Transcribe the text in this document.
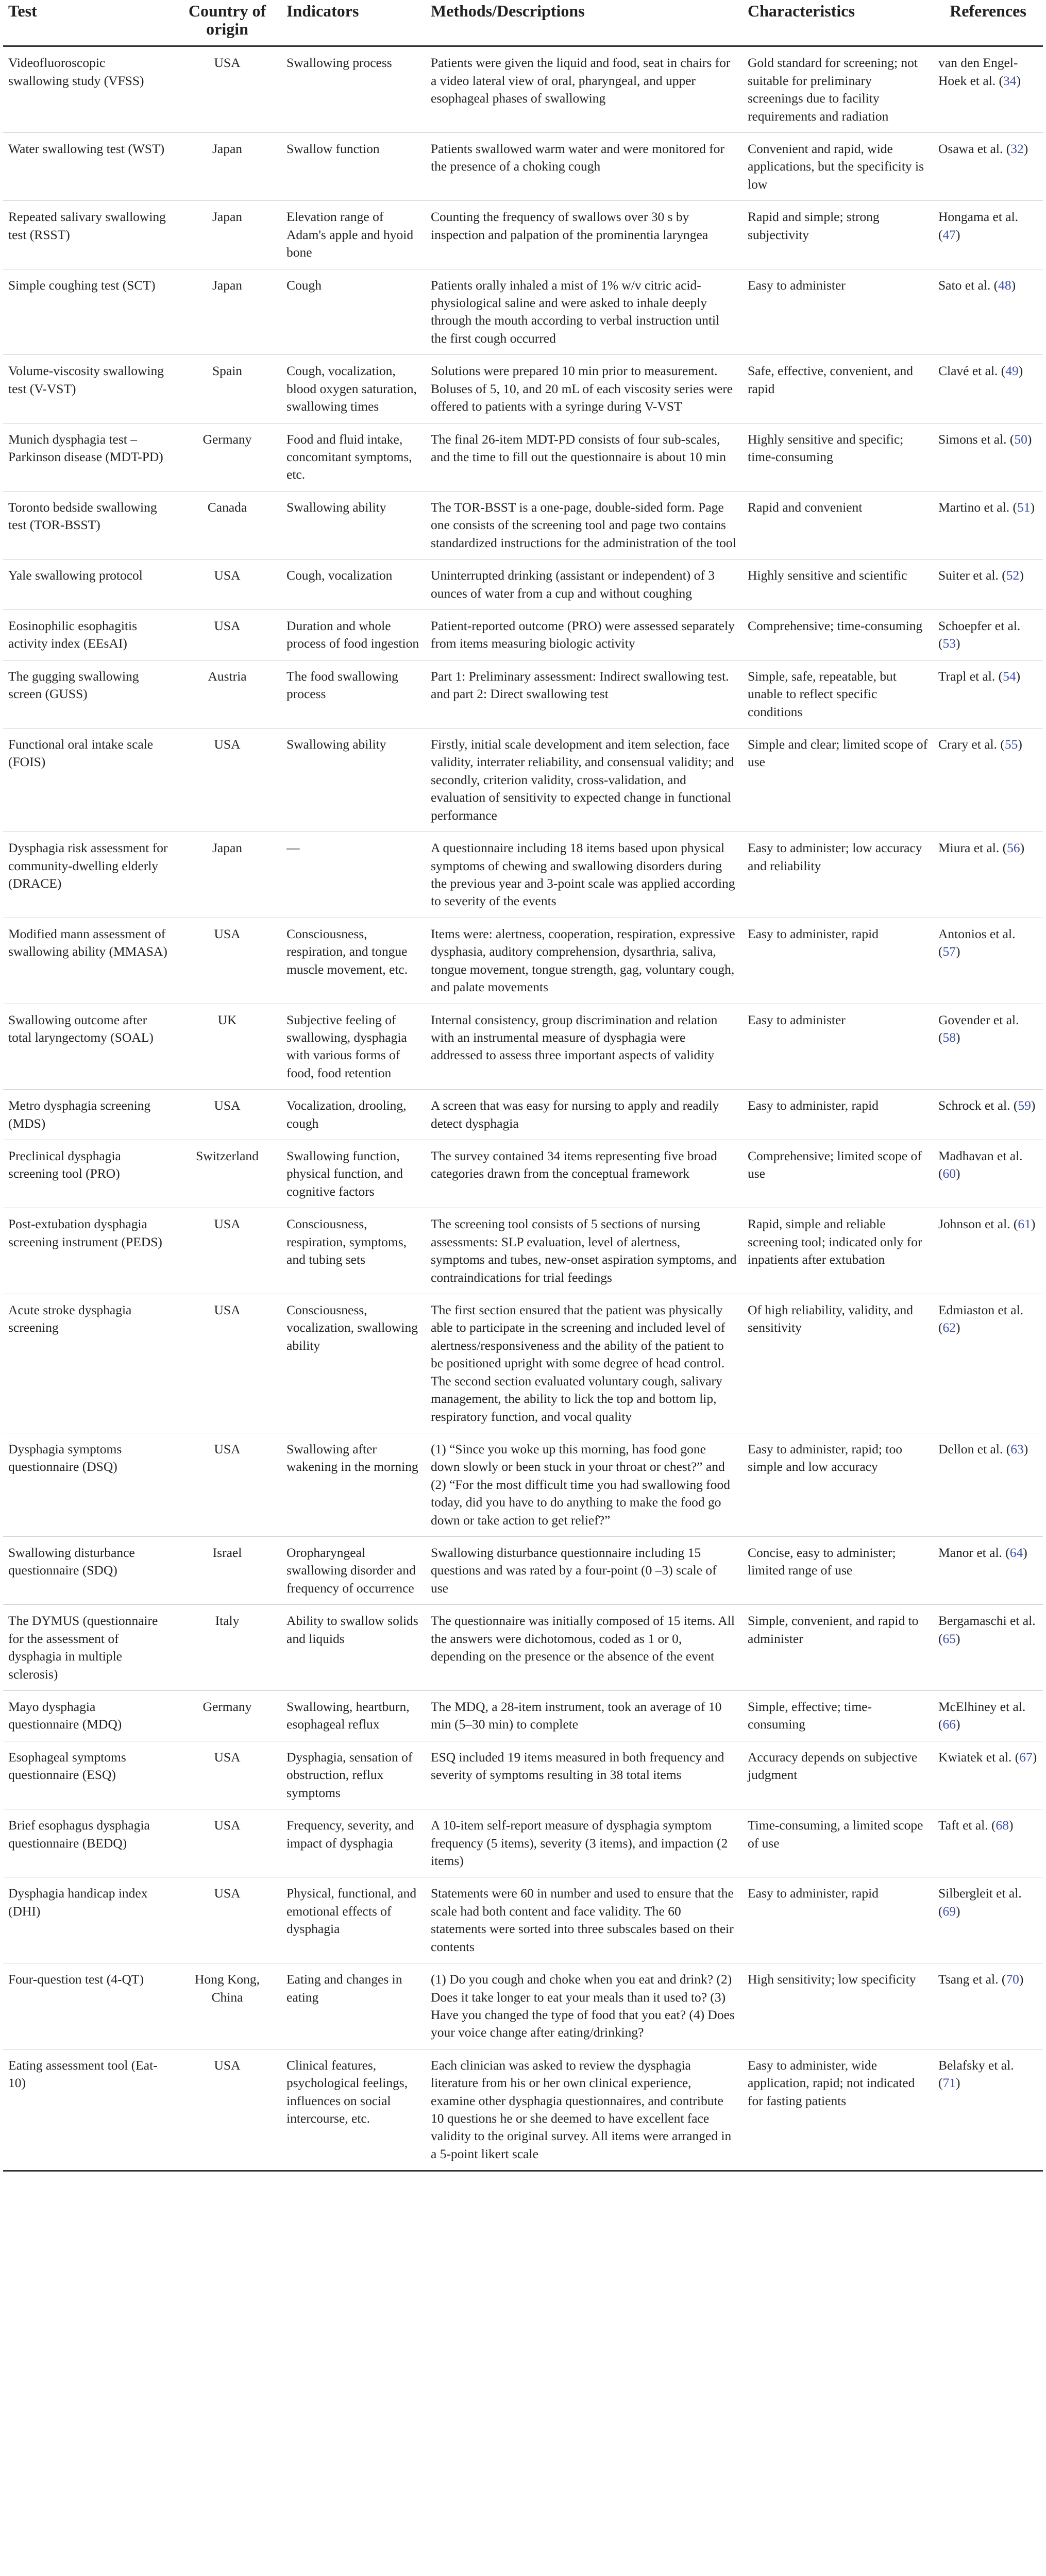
Test	Country of origin	Indicators	Methods/Descriptions	Characteristics	References
Videofluoroscopic swallowing study (VFSS)	USA	Swallowing process	Patients were given the liquid and food, seat in chairs for a video lateral view of oral, pharyngeal, and upper esophageal phases of swallowing	Gold standard for screening; not suitable for preliminary screenings due to facility requirements and radiation	van den Engel-Hoek et al. (34)
Water swallowing test (WST)	Japan	Swallow function	Patients swallowed warm water and were monitored for the presence of a choking cough	Convenient and rapid, wide applications, but the specificity is low	Osawa et al. (32)
Repeated salivary swallowing test (RSST)	Japan	Elevation range of Adam's apple and hyoid bone	Counting the frequency of swallows over 30 s by inspection and palpation of the prominentia laryngea	Rapid and simple; strong subjectivity	Hongama et al. (47)
Simple coughing test (SCT)	Japan	Cough	Patients orally inhaled a mist of 1% w/v citric acid-physiological saline and were asked to inhale deeply through the mouth according to verbal instruction until the first cough occurred	Easy to administer	Sato et al. (48)
Volume-viscosity swallowing test (V-VST)	Spain	Cough, vocalization, blood oxygen saturation, swallowing times	Solutions were prepared 10 min prior to measurement. Boluses of 5, 10, and 20 mL of each viscosity series were offered to patients with a syringe during V-VST	Safe, effective, convenient, and rapid	Clavé et al. (49)
Munich dysphagia test – Parkinson disease (MDT-PD)	Germany	Food and fluid intake, concomitant symptoms, etc.	The final 26-item MDT-PD consists of four sub-scales, and the time to fill out the questionnaire is about 10 min	Highly sensitive and specific; time-consuming	Simons et al. (50)
Toronto bedside swallowing test (TOR-BSST)	Canada	Swallowing ability	The TOR-BSST is a one-page, double-sided form. Page one consists of the screening tool and page two contains standardized instructions for the administration of the tool	Rapid and convenient	Martino et al. (51)
Yale swallowing protocol	USA	Cough, vocalization	Uninterrupted drinking (assistant or independent) of 3 ounces of water from a cup and without coughing	Highly sensitive and scientific	Suiter et al. (52)
Eosinophilic esophagitis activity index (EEsAI)	USA	Duration and whole process of food ingestion	Patient-reported outcome (PRO) were assessed separately from items measuring biologic activity	Comprehensive; time-consuming	Schoepfer et al. (53)
The gugging swallowing screen (GUSS)	Austria	The food swallowing process	Part 1: Preliminary assessment: Indirect swallowing test. and part 2: Direct swallowing test	Simple, safe, repeatable, but unable to reflect specific conditions	Trapl et al. (54)
Functional oral intake scale (FOIS)	USA	Swallowing ability	Firstly, initial scale development and item selection, face validity, interrater reliability, and consensual validity; and secondly, criterion validity, cross-validation, and evaluation of sensitivity to expected change in functional performance	Simple and clear; limited scope of use	Crary et al. (55)
Dysphagia risk assessment for community-dwelling elderly (DRACE)	Japan	—	A questionnaire including 18 items based upon physical symptoms of chewing and swallowing disorders during the previous year and 3-point scale was applied according to severity of the events	Easy to administer; low accuracy and reliability	Miura et al. (56)
Modified mann assessment of swallowing ability (MMASA)	USA	Consciousness, respiration, and tongue muscle movement, etc.	Items were: alertness, cooperation, respiration, expressive dysphasia, auditory comprehension, dysarthria, saliva, tongue movement, tongue strength, gag, voluntary cough, and palate movements	Easy to administer, rapid	Antonios et al. (57)
Swallowing outcome after total laryngectomy (SOAL)	UK	Subjective feeling of swallowing, dysphagia with various forms of food, food retention	Internal consistency, group discrimination and relation with an instrumental measure of dysphagia were addressed to assess three important aspects of validity	Easy to administer	Govender et al. (58)
Metro dysphagia screening (MDS)	USA	Vocalization, drooling, cough	A screen that was easy for nursing to apply and readily detect dysphagia	Easy to administer, rapid	Schrock et al. (59)
Preclinical dysphagia screening tool (PRO)	Switzerland	Swallowing function, physical function, and cognitive factors	The survey contained 34 items representing five broad categories drawn from the conceptual framework	Comprehensive; limited scope of use	Madhavan et al. (60)
Post-extubation dysphagia screening instrument (PEDS)	USA	Consciousness, respiration, symptoms, and tubing sets	The screening tool consists of 5 sections of nursing assessments: SLP evaluation, level of alertness, symptoms and tubes, new-onset aspiration symptoms, and contraindications for trial feedings	Rapid, simple and reliable screening tool; indicated only for inpatients after extubation	Johnson et al. (61)
Acute stroke dysphagia screening	USA	Consciousness, vocalization, swallowing ability	The first section ensured that the patient was physically able to participate in the screening and included level of alertness/responsiveness and the ability of the patient to be positioned upright with some degree of head control. The second section evaluated voluntary cough, salivary management, the ability to lick the top and bottom lip, respiratory function, and vocal quality	Of high reliability, validity, and sensitivity	Edmiaston et al. (62)
Dysphagia symptoms questionnaire (DSQ)	USA	Swallowing after wakening in the morning	(1) “Since you woke up this morning, has food gone down slowly or been stuck in your throat or chest?” and (2) “For the most difficult time you had swallowing food today, did you have to do anything to make the food go down or take action to get relief?”	Easy to administer, rapid; too simple and low accuracy	Dellon et al. (63)
Swallowing disturbance questionnaire (SDQ)	Israel	Oropharyngeal swallowing disorder and frequency of occurrence	Swallowing disturbance questionnaire including 15 questions and was rated by a four-point (0 –3) scale of use	Concise, easy to administer; limited range of use	Manor et al. (64)
The DYMUS (questionnaire for the assessment of dysphagia in multiple sclerosis)	Italy	Ability to swallow solids and liquids	The questionnaire was initially composed of 15 items. All the answers were dichotomous, coded as 1 or 0, depending on the presence or the absence of the event	Simple, convenient, and rapid to administer	Bergamaschi et al. (65)
Mayo dysphagia questionnaire (MDQ)	Germany	Swallowing, heartburn, esophageal reflux	The MDQ, a 28-item instrument, took an average of 10 min (5–30 min) to complete	Simple, effective; time-consuming	McElhiney et al. (66)
Esophageal symptoms questionnaire (ESQ)	USA	Dysphagia, sensation of obstruction, reflux symptoms	ESQ included 19 items measured in both frequency and severity of symptoms resulting in 38 total items	Accuracy depends on subjective judgment	Kwiatek et al. (67)
Brief esophagus dysphagia questionnaire (BEDQ)	USA	Frequency, severity, and impact of dysphagia	A 10-item self-report measure of dysphagia symptom frequency (5 items), severity (3 items), and impaction (2 items)	Time-consuming, a limited scope of use	Taft et al. (68)
Dysphagia handicap index (DHI)	USA	Physical, functional, and emotional effects of dysphagia	Statements were 60 in number and used to ensure that the scale had both content and face validity. The 60 statements were sorted into three subscales based on their contents	Easy to administer, rapid	Silbergleit et al. (69)
Four-question test (4-QT)	Hong Kong, China	Eating and changes in eating	(1) Do you cough and choke when you eat and drink? (2) Does it take longer to eat your meals than it used to? (3) Have you changed the type of food that you eat? (4) Does your voice change after eating/drinking?	High sensitivity; low specificity	Tsang et al. (70)
Eating assessment tool (Eat-10)	USA	Clinical features, psychological feelings, influences on social intercourse, etc.	Each clinician was asked to review the dysphagia literature from his or her own clinical experience, examine other dysphagia questionnaires, and contribute 10 questions he or she deemed to have excellent face validity to the original survey. All items were arranged in a 5-point likert scale	Easy to administer, wide application, rapid; not indicated for fasting patients	Belafsky et al. (71)
